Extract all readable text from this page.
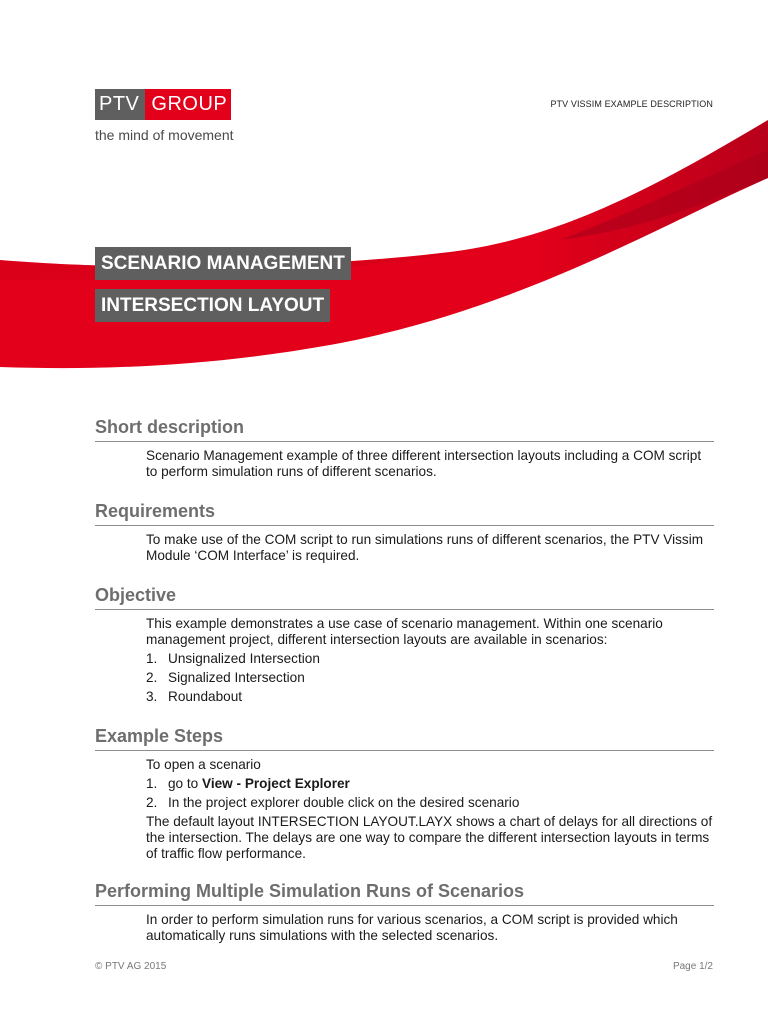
PTV GROUP
the mind of movement
PTV VISSIM EXAMPLE DESCRIPTION
SCENARIO MANAGEMENT
INTERSECTION LAYOUT
Short description

Scenario Management example of three different intersection layouts including a COM script to perform simulation runs of different scenarios.

Requirements

To make use of the COM script to run simulations runs of different scenarios, the PTV Vissim Module ‘COM Interface’ is required.

Objective

This example demonstrates a use case of scenario management. Within one scenario management project, different intersection layouts are available in scenarios:

1. Unsignalized Intersection
2. Signalized Intersection
3. Roundabout
Example Steps

To open a scenario

1. go to View - Project Explorer
2. In the project explorer double click on the desired scenario

The default layout INTERSECTION LAYOUT.LAYX shows a chart of delays for all directions of the intersection. The delays are one way to compare the different intersection layouts in terms of traffic flow performance.

Performing Multiple Simulation Runs of Scenarios

In order to perform simulation runs for various scenarios, a COM script is provided which automatically runs simulations with the selected scenarios.

© PTV AG 2015	Page 1/2
